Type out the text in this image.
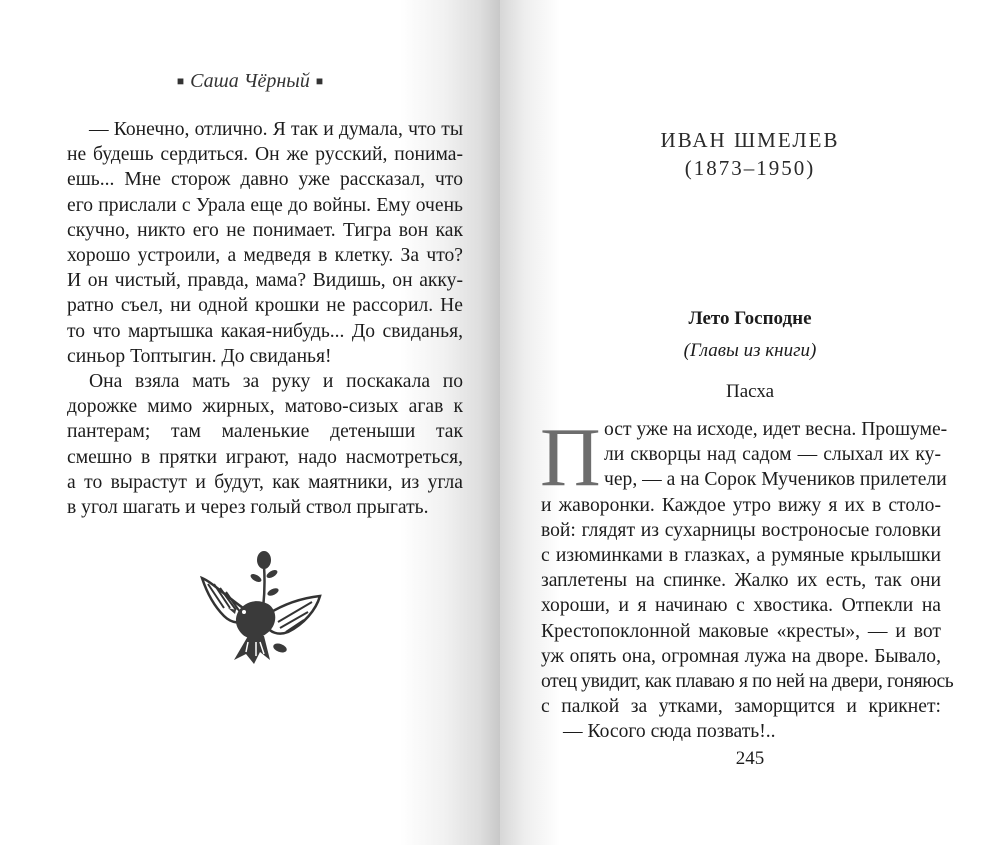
■ Саша Чёрный ■
— Конечно, отлично. Я так и думала, что ты
не будешь сердиться. Он же русский, понима-
ешь... Мне сторож давно уже рассказал, что
его прислали с Урала еще до войны. Ему очень
скучно, никто его не понимает. Тигра вон как
хорошо устроили, а медведя в клетку. За что?
И он чистый, правда, мама? Видишь, он акку-
ратно съел, ни одной крошки не рассорил. Не
то что мартышка какая-нибудь... До свиданья,
синьор Топтыгин. До свиданья!
Она взяла мать за руку и поскакала по
дорожке мимо жирных, матово-сизых агав к
пантерам; там маленькие детеныши так
смешно в прятки играют, надо насмотреться,
а то вырастут и будут, как маятники, из угла
в угол шагать и через голый ствол прыгать.
ИВАН ШМЕЛЕВ
(1873–1950)
Лето Господне
(Главы из книги)
Пасха
П ост уже на исходе, идет весна. Прошуме-
ли скворцы над садом — слыхал их ку-
чер, — а на Сорок Мучеников прилетели
и жаворонки. Каждое утро вижу я их в столо-
вой: глядят из сухарницы востроносые головки
с изюминками в глазках, а румяные крылышки
заплетены на спинке. Жалко их есть, так они
хороши, и я начинаю с хвостика. Отпекли на
Крестопоклонной маковые «кресты», — и вот
уж опять она, огромная лужа на дворе. Бывало,
отец увидит, как плаваю я по ней на двери, гоняюсь
с палкой за утками, заморщится и крикнет:
— Косого сюда позвать!..
245
